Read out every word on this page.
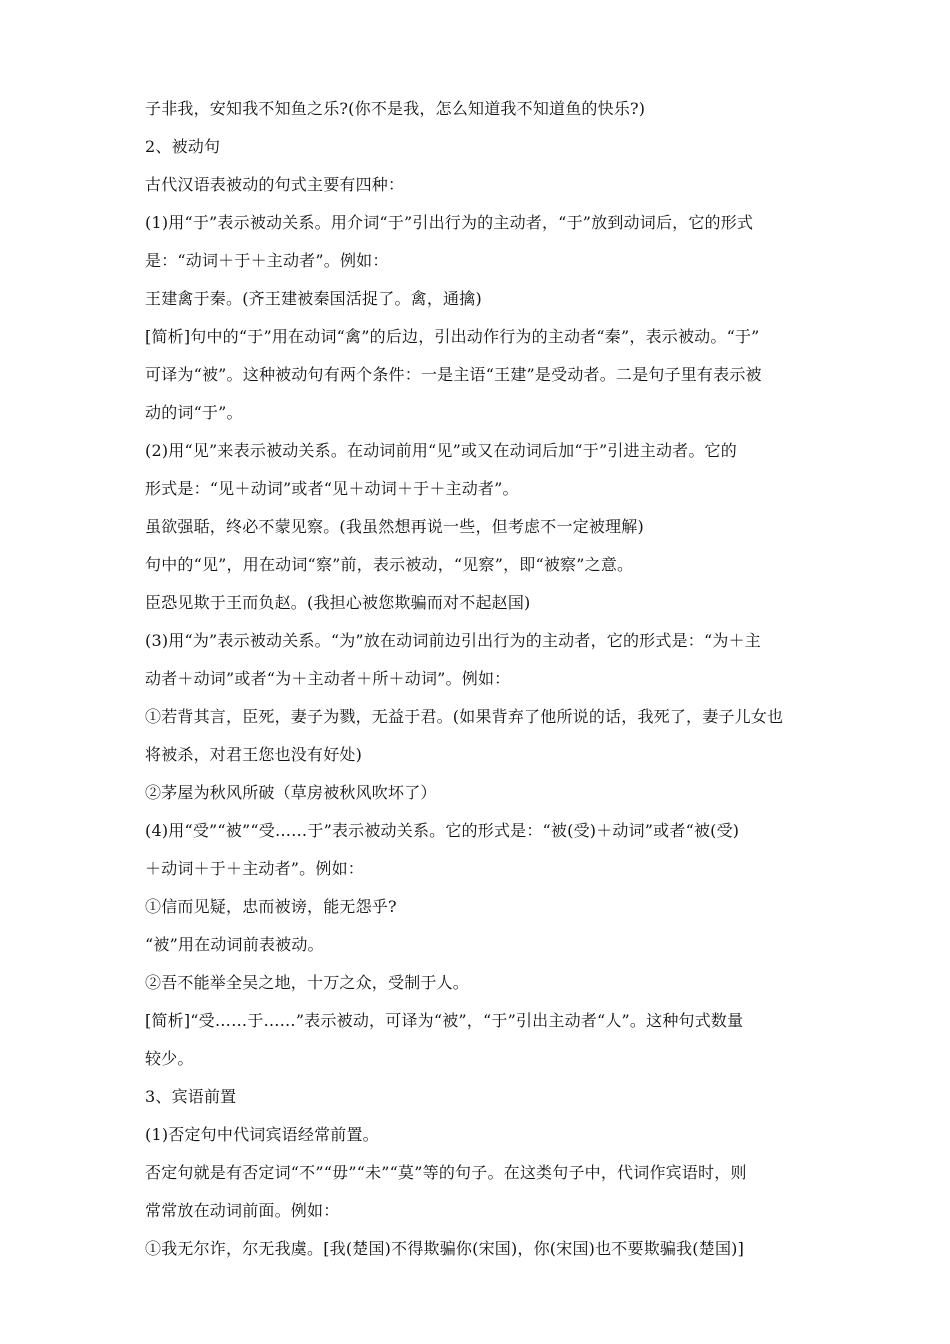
子非我，安知我不知鱼之乐?(你不是我，怎么知道我不知道鱼的快乐?)
2、被动句
古代汉语表被动的句式主要有四种：
(1)用“于”表示被动关系。用介词“于”引出行为的主动者，“于”放到动词后，它的形式
是：“动词＋于＋主动者”。例如：
王建禽于秦。(齐王建被秦国活捉了。禽，通擒)
[简析]句中的“于”用在动词“禽”的后边，引出动作行为的主动者“秦”，表示被动。“于”
可译为“被”。这种被动句有两个条件：一是主语“王建”是受动者。二是句子里有表示被
动的词“于”。
(2)用“见”来表示被动关系。在动词前用“见”或又在动词后加“于”引进主动者。它的
形式是：“见＋动词”或者“见＋动词＋于＋主动者”。
虽欲强聒，终必不蒙见察。(我虽然想再说一些，但考虑不一定被理解)
句中的“见”，用在动词“察”前，表示被动，“见察”，即“被察”之意。
臣恐见欺于王而负赵。(我担心被您欺骗而对不起赵国)
(3)用“为”表示被动关系。“为”放在动词前边引出行为的主动者，它的形式是：“为＋主
动者＋动词”或者“为＋主动者＋所＋动词”。例如：
①若背其言，臣死，妻子为戮，无益于君。(如果背弃了他所说的话，我死了，妻子儿女也
将被杀，对君王您也没有好处)
②茅屋为秋风所破（草房被秋风吹坏了）
(4)用“受”“被”“受……于”表示被动关系。它的形式是：“被(受)＋动词”或者“被(受)
＋动词＋于＋主动者”。例如：
①信而见疑，忠而被谤，能无怨乎?
“被”用在动词前表被动。
②吾不能举全吴之地，十万之众，受制于人。
[简析]“受……于……”表示被动，可译为“被”，“于”引出主动者“人”。这种句式数量
较少。
3、宾语前置
(1)否定句中代词宾语经常前置。
否定句就是有否定词“不”“毋”“未”“莫”等的句子。在这类句子中，代词作宾语时，则
常常放在动词前面。例如：
①我无尔诈，尔无我虞。[我(楚国)不得欺骗你(宋国)，你(宋国)也不要欺骗我(楚国)]
